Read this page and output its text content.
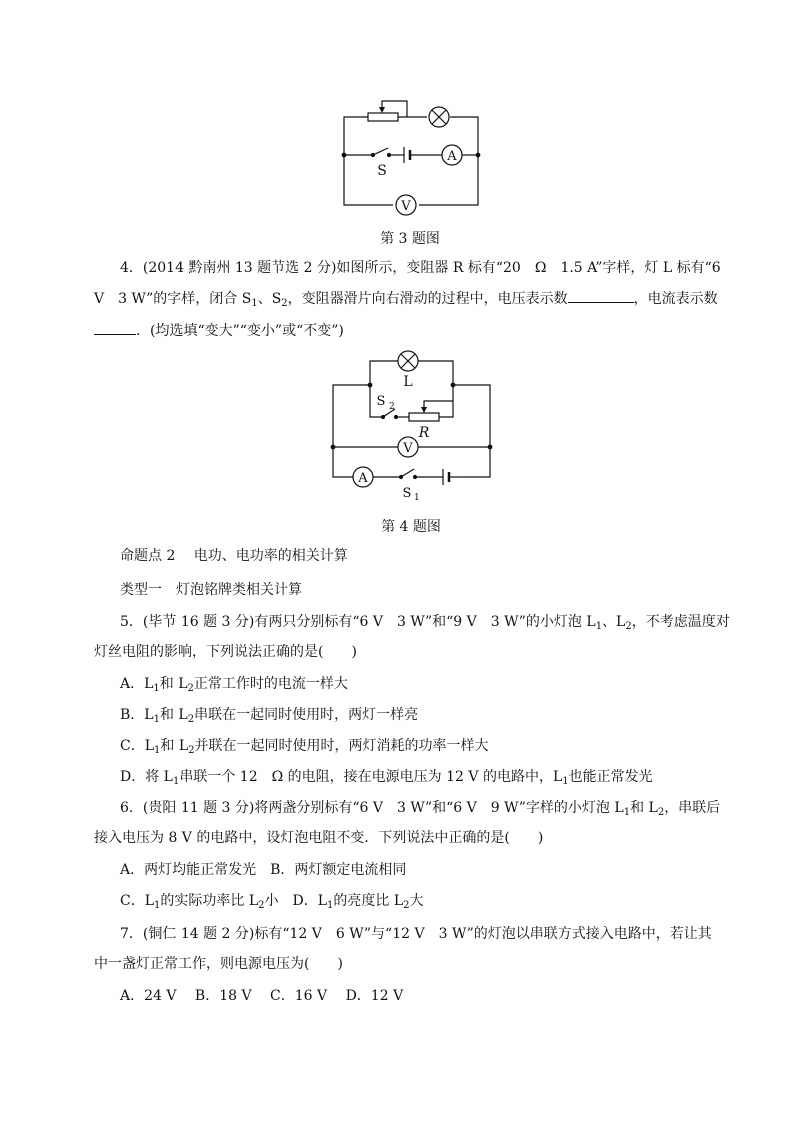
A
V
S
第 3 题图
4．(2014 黔南州 13 题节选 2 分)如图所示，变阻器 R 标有“20　Ω　1.5 A”字样，灯 L 标有“6
V　3 W”的字样，闭合 $S_1$、$S_2$，变阻器滑片向右滑动的过程中，电压表示数	，电流表示数
．(均选填“变大”“变小”或“不变”)
L
S 2
R
V
A
S 1
第 4 题图
命题点 2　 电功、电功率的相关计算
类型一　灯泡铭牌类相关计算
5．(毕节 16 题 3 分)有两只分别标有“6 V　3 W”和“9 V　3 W”的小灯泡 $L_1$、$L_2$，不考虑温度对
灯丝电阻的影响，下列说法正确的是(　　)
A．$L_1$和 $L_2$正常工作时的电流一样大
B．$L_1$和 $L_2$串联在一起同时使用时，两灯一样亮
C．$L_1$和 $L_2$并联在一起同时使用时，两灯消耗的功率一样大
D．将 $L_1$串联一个 12　Ω 的电阻，接在电源电压为 12 V 的电路中，$L_1$也能正常发光
6．(贵阳 11 题 3 分)将两盏分别标有“6 V　3 W”和“6 V　9 W”字样的小灯泡 $L_1$和 $L_2$，串联后
接入电压为 8 V 的电路中，设灯泡电阻不变．下列说法中正确的是(　　)
A．两灯均能正常发光　B．两灯额定电流相同
C．$L_1$的实际功率比 $L_2$小　 D．$L_1$的亮度比 $L_2$大
7．(铜仁 14 题 2 分)标有“12 V　6 W”与“12 V　3 W”的灯泡以串联方式接入电路中，若让其
中一盏灯正常工作，则电源电压为(　　)
A．24 V　 B．18 V　 C．16 V　 D．12 V
